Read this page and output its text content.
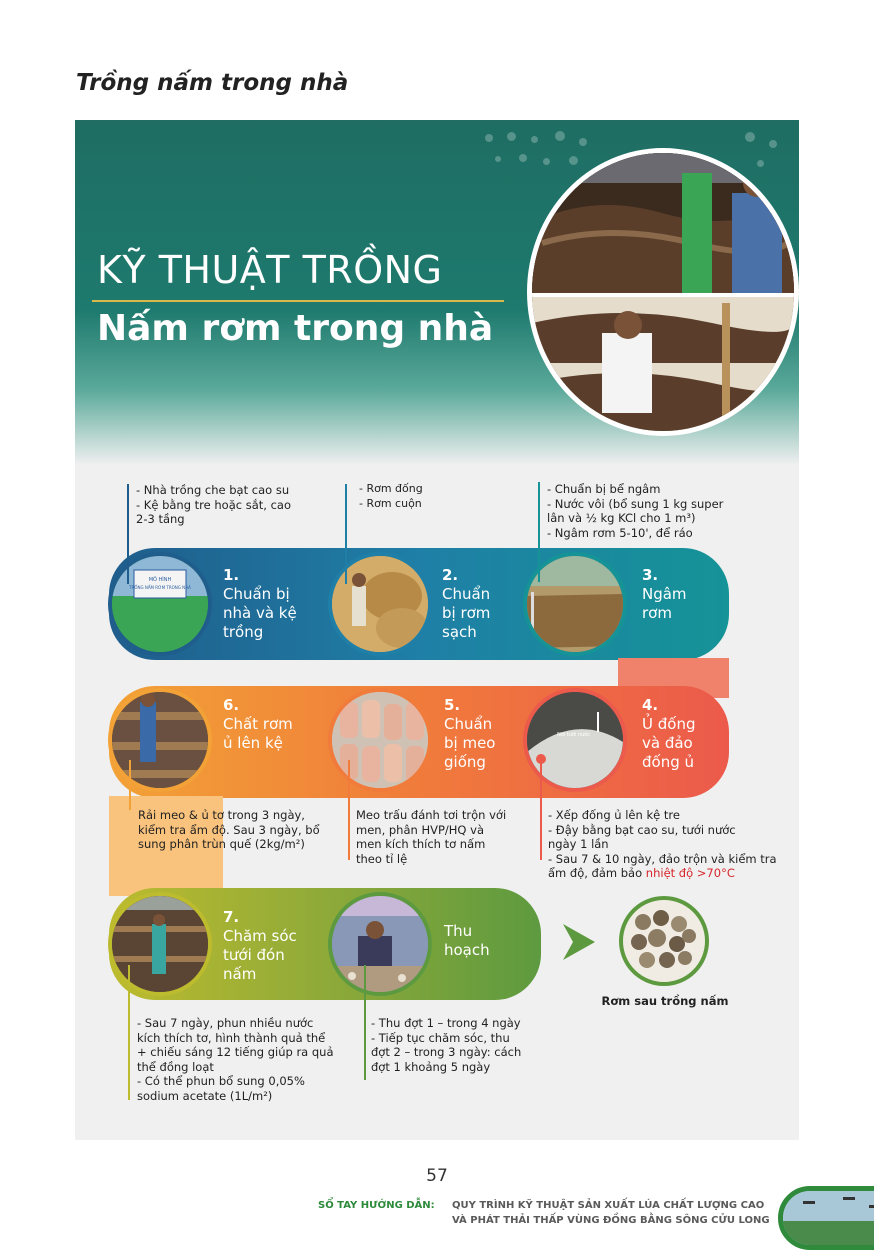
Trồng nấm trong nhà
KỸ THUẬT TRỒNG
Nấm rơm trong nhà
MÔ HÌNH
TRỒNG NẤM RƠM TRONG NHÀ
1.
Chuẩn bị
nhà và kệ
trồng
- Nhà trồng che bạt cao su
- Kệ bằng tre hoặc sắt, cao
2-3 tầng
2.
Chuẩn
bị rơm
sạch
- Rơm đống
- Rơm cuộn
3.
Ngâm
rơm
- Chuẩn bị bể ngâm
- Nước vôi (bổ sung 1 kg super
lân và ½ kg KCl cho 1 m³)
- Ngâm rơm 5-10', để ráo
6.
Chất rơm
ủ lên kệ
Rải meo & ủ tơ trong 3 ngày,
kiểm tra ẩm độ. Sau 3 ngày, bổ
sung phân trùn quế (2kg/m²)
5.
Chuẩn
bị meo
giống
Meo trấu đánh tơi trộn với
men, phân HVP/HQ và
men kích thích tơ nấm
theo tỉ lệ
Nơi tưới nước
4.
Ủ đống
và đảo
đống ủ
- Xếp đống ủ lên kệ tre
- Đậy bằng bạt cao su, tưới nước
ngày 1 lần
- Sau 7 & 10 ngày, đảo trộn và kiểm tra
ẩm độ, đảm bảo nhiệt độ >70°C
7.
Chăm sóc
tưới đón
nấm
- Sau 7 ngày, phun nhiều nước
kích thích tơ, hình thành quả thể
+ chiếu sáng 12 tiếng giúp ra quả
thể đồng loạt
- Có thể phun bổ sung 0,05%
sodium acetate (1L/m²)
Thu
hoạch
- Thu đợt 1 – trong 4 ngày
- Tiếp tục chăm sóc, thu
đợt 2 – trong 3 ngày: cách
đợt 1 khoảng 5 ngày
Rơm sau trồng nấm
57
SỔ TAY HƯỚNG DẪN: QUY TRÌNH KỸ THUẬT SẢN XUẤT LÚA CHẤT LƯỢNG CAO
VÀ PHÁT THẢI THẤP VÙNG ĐỒNG BẰNG SÔNG CỬU LONG
